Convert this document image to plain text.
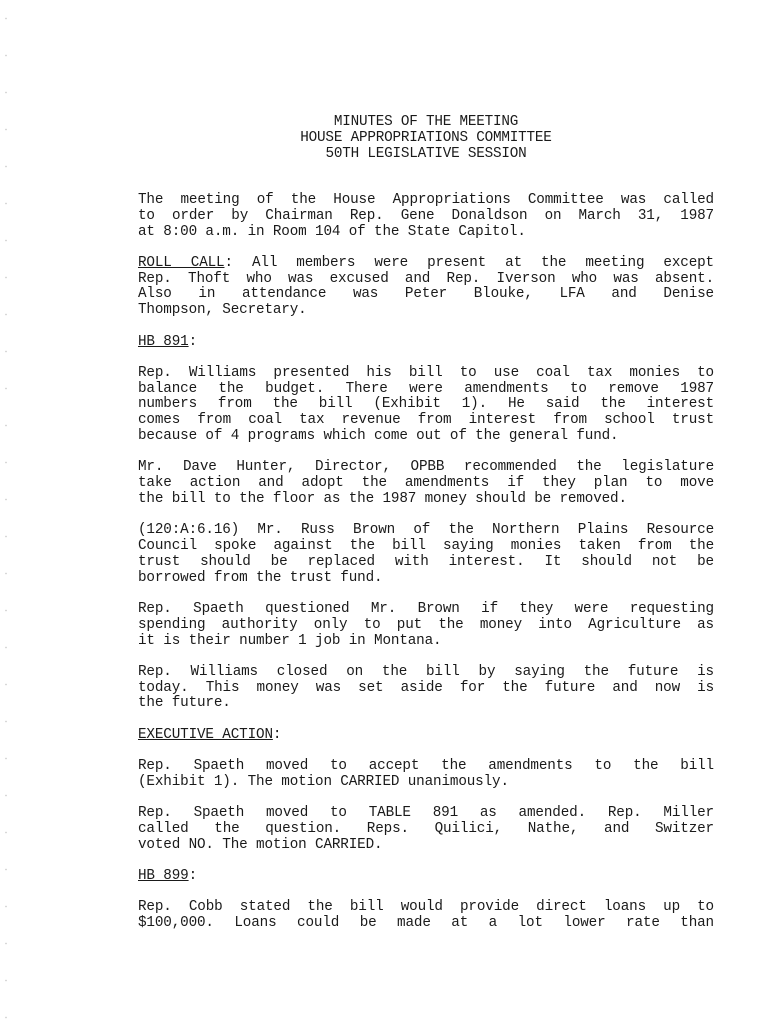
MINUTES OF THE MEETING
HOUSE APPROPRIATIONS COMMITTEE
50TH LEGISLATIVE SESSION

The meeting of the House Appropriations Committee was called
to order by Chairman Rep. Gene Donaldson on March 31, 1987
at 8:00 a.m. in Room 104 of the State Capitol.

ROLL CALL: All members were present at the meeting except
Rep. Thoft who was excused and Rep. Iverson who was absent.
Also in attendance was Peter Blouke, LFA and Denise
Thompson, Secretary.

HB 891:

Rep. Williams presented his bill to use coal tax monies to
balance the budget. There were amendments to remove 1987
numbers from the bill (Exhibit 1). He said the interest
comes from coal tax revenue from interest from school trust
because of 4 programs which come out of the general fund.

Mr. Dave Hunter, Director, OPBB recommended the legislature
take action and adopt the amendments if they plan to move
the bill to the floor as the 1987 money should be removed.

(120:A:6.16) Mr. Russ Brown of the Northern Plains Resource
Council spoke against the bill saying monies taken from the
trust should be replaced with interest. It should not be
borrowed from the trust fund.

Rep. Spaeth questioned Mr. Brown if they were requesting
spending authority only to put the money into Agriculture as
it is their number 1 job in Montana.

Rep. Williams closed on the bill by saying the future is
today. This money was set aside for the future and now is
the future.

EXECUTIVE ACTION:

Rep. Spaeth moved to accept the amendments to the bill
(Exhibit 1). The motion CARRIED unanimously.

Rep. Spaeth moved to TABLE 891 as amended. Rep. Miller
called the question. Reps. Quilici, Nathe, and Switzer
voted NO. The motion CARRIED.

HB 899:

Rep. Cobb stated the bill would provide direct loans up to
$100,000. Loans could be made at a lot lower rate than
